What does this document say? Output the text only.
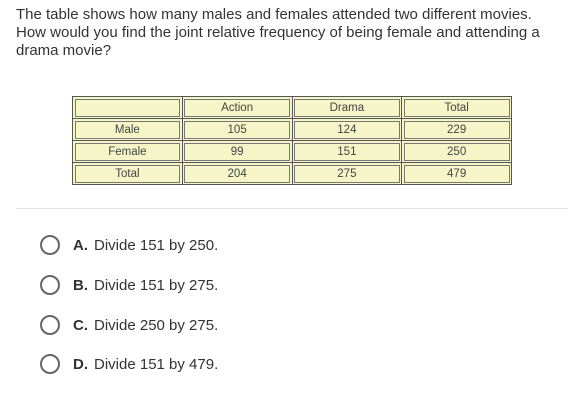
The table shows how many males and females attended two different movies. How would you find the joint relative frequency of being female and attending a drama movie?
	Action	Drama	Total
Male	105	124	229
Female	99	151	250
Total	204	275	479
A. Divide 151 by 250.
B. Divide 151 by 275.
C. Divide 250 by 275.
D. Divide 151 by 479.
